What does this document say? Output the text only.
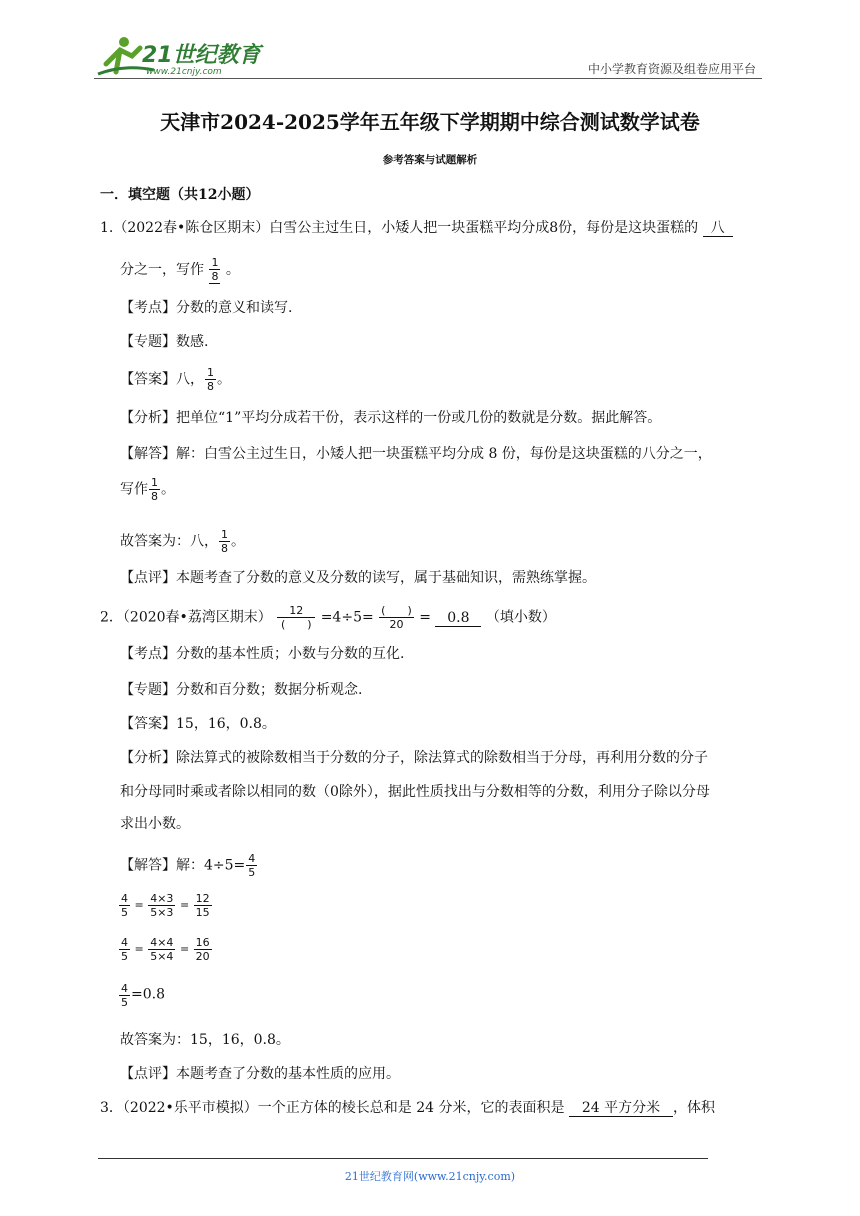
21世纪教育
www.21cnjy.com	中小学教育资源及组卷应用平台
天津市2024-2025学年五年级下学期期中综合测试数学试卷
参考答案与试题解析
一．填空题（共12小题）
1.（2022春•陈仓区期末）白雪公主过生日，小矮人把一块蛋糕平均分成8份，每份是这块蛋糕的 八
分之一，写作 $\frac{1}{8}$ 。
【考点】分数的意义和读写.
【专题】数感.
【答案】八， $\frac{1}{8}$ 。
【分析】把单位“1”平均分成若干份，表示这样的一份或几份的数就是分数。据此解答。
【解答】解：白雪公主过生日，小矮人把一块蛋糕平均分成 8 份，每份是这块蛋糕的八分之一，
写作 $\frac{1}{8}$ 。
故答案为：八， $\frac{1}{8}$ 。
【点评】本题考查了分数的意义及分数的读写，属于基础知识，需熟练掌握。
2．（2020春•荔湾区期末） $\frac{12}{( )} =4\div 5= \frac{( )}{20} = 0.8$ （填小数）
【考点】分数的基本性质；小数与分数的互化.
【专题】分数和百分数；数据分析观念.
【答案】15，16，0.8。
【分析】除法算式的被除数相当于分数的分子，除法算式的除数相当于分母，再利用分数的分子
和分母同时乘或者除以相同的数（0除外），据此性质找出与分数相等的分数，利用分子除以分母
求出小数。
【解答】解：$4\div 5= \frac{4}{5}$
$\frac{4}{5} = \frac{4\times 3}{5\times 3} = \frac{12}{15}$
$\frac{4}{5} = \frac{4\times 4}{5\times 4} = \frac{16}{20}$
$\frac{4}{5} =0.8$
故答案为：15，16，0.8。
【点评】本题考查了分数的基本性质的应用。
3．（2022•乐平市模拟）一个正方体的棱长总和是 24 分米，它的表面积是 24 平方分米 ，体积
21世纪教育网(www.21cnjy.com)
